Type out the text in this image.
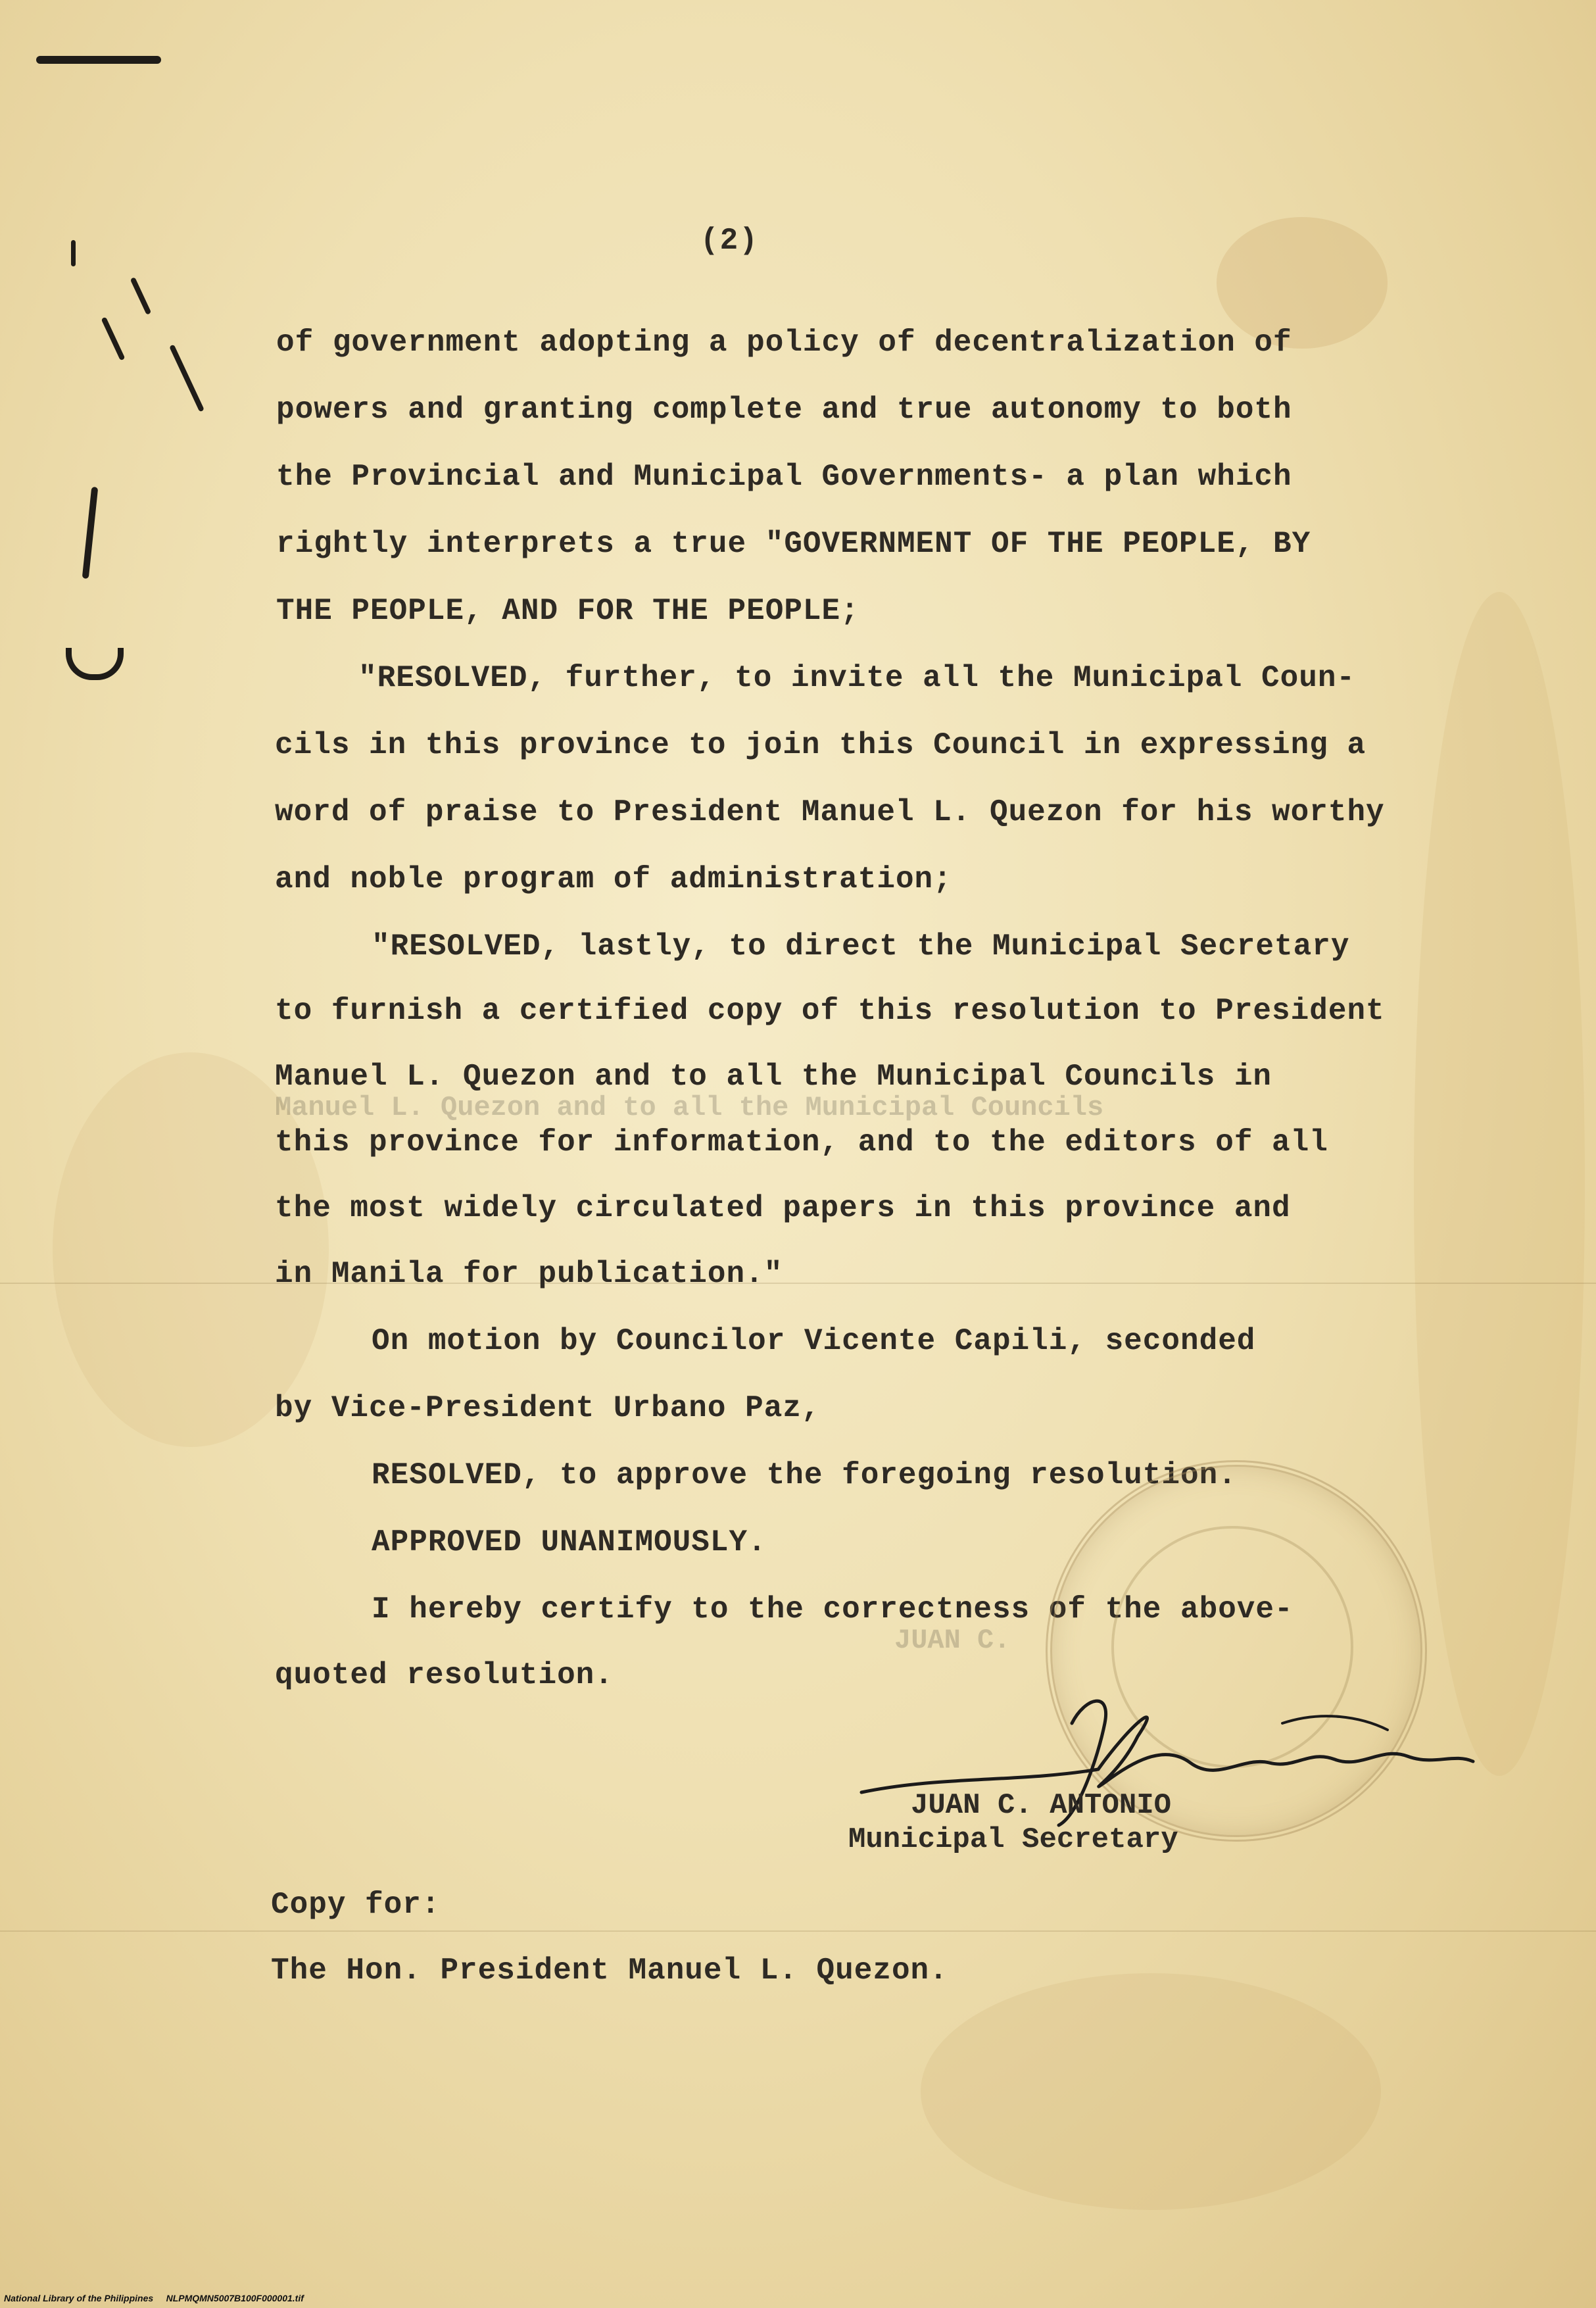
(2)
of government adopting a policy of decentralization of
powers and granting complete and true autonomy to both
the Provincial and Municipal Governments- a plan which
rightly interprets a true "GOVERNMENT OF THE PEOPLE, BY
THE PEOPLE, AND FOR THE PEOPLE;
"RESOLVED, further, to invite all the Municipal Coun-
cils in this province to join this Council in expressing a
word of praise to President Manuel L. Quezon for his worthy
and noble program of administration;
"RESOLVED, lastly, to direct the Municipal Secretary
to furnish a certified copy of this resolution to President
Manuel L. Quezon and to all the Municipal Councils in
Manuel L. Quezon and to all the Municipal Councils
this province for information, and to the editors of all
the most widely circulated papers in this province and
in Manila for publication."
On motion by Councilor Vicente Capili, seconded
by Vice-President Urbano Paz,
RESOLVED, to approve the foregoing resolution.
APPROVED UNANIMOUSLY.
I hereby certify to the correctness of the above-
JUAN C.
quoted resolution.
JUAN C. ANTONIO
Municipal Secretary
Copy for:
The Hon. President Manuel L. Quezon.
National Library of the Philippines     NLPMQMN5007B100F000001.tif
